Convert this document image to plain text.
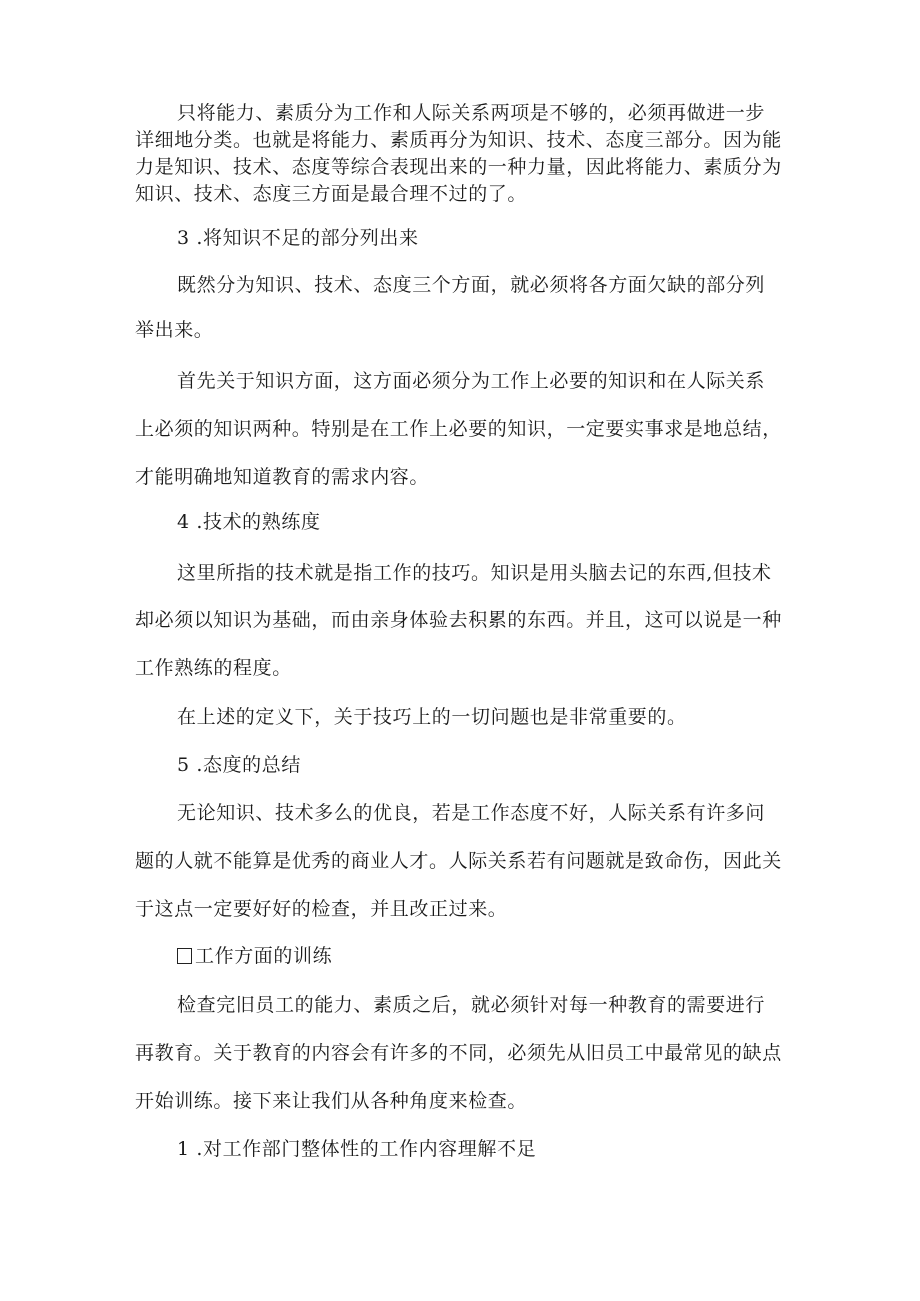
只将能力、素质分为工作和人际关系两项是不够的，必须再做进一步
详细地分类。也就是将能力、素质再分为知识、技术、态度三部分。因为能
力是知识、技术、态度等综合表现出来的一种力量，因此将能力、素质分为
知识、技术、态度三方面是最合理不过的了。
3 .将知识不足的部分列出来
既然分为知识、技术、态度三个方面，就必须将各方面欠缺的部分列
举出来。
首先关于知识方面，这方面必须分为工作上必要的知识和在人际关系
上必须的知识两种。特别是在工作上必要的知识，一定要实事求是地总结，
才能明确地知道教育的需求内容。
4 .技术的熟练度
这里所指的技术就是指工作的技巧。知识是用头脑去记的东西,但技术
却必须以知识为基础，而由亲身体验去积累的东西。并且，这可以说是一种
工作熟练的程度。
在上述的定义下，关于技巧上的一切问题也是非常重要的。
5 .态度的总结
无论知识、技术多么的优良，若是工作态度不好，人际关系有许多问
题的人就不能算是优秀的商业人才。人际关系若有问题就是致命伤，因此关
于这点一定要好好的检查，并且改正过来。
工作方面的训练
检查完旧员工的能力、素质之后，就必须针对每一种教育的需要进行
再教育。关于教育的内容会有许多的不同，必须先从旧员工中最常见的缺点
开始训练。接下来让我们从各种角度来检查。
1 .对工作部门整体性的工作内容理解不足
